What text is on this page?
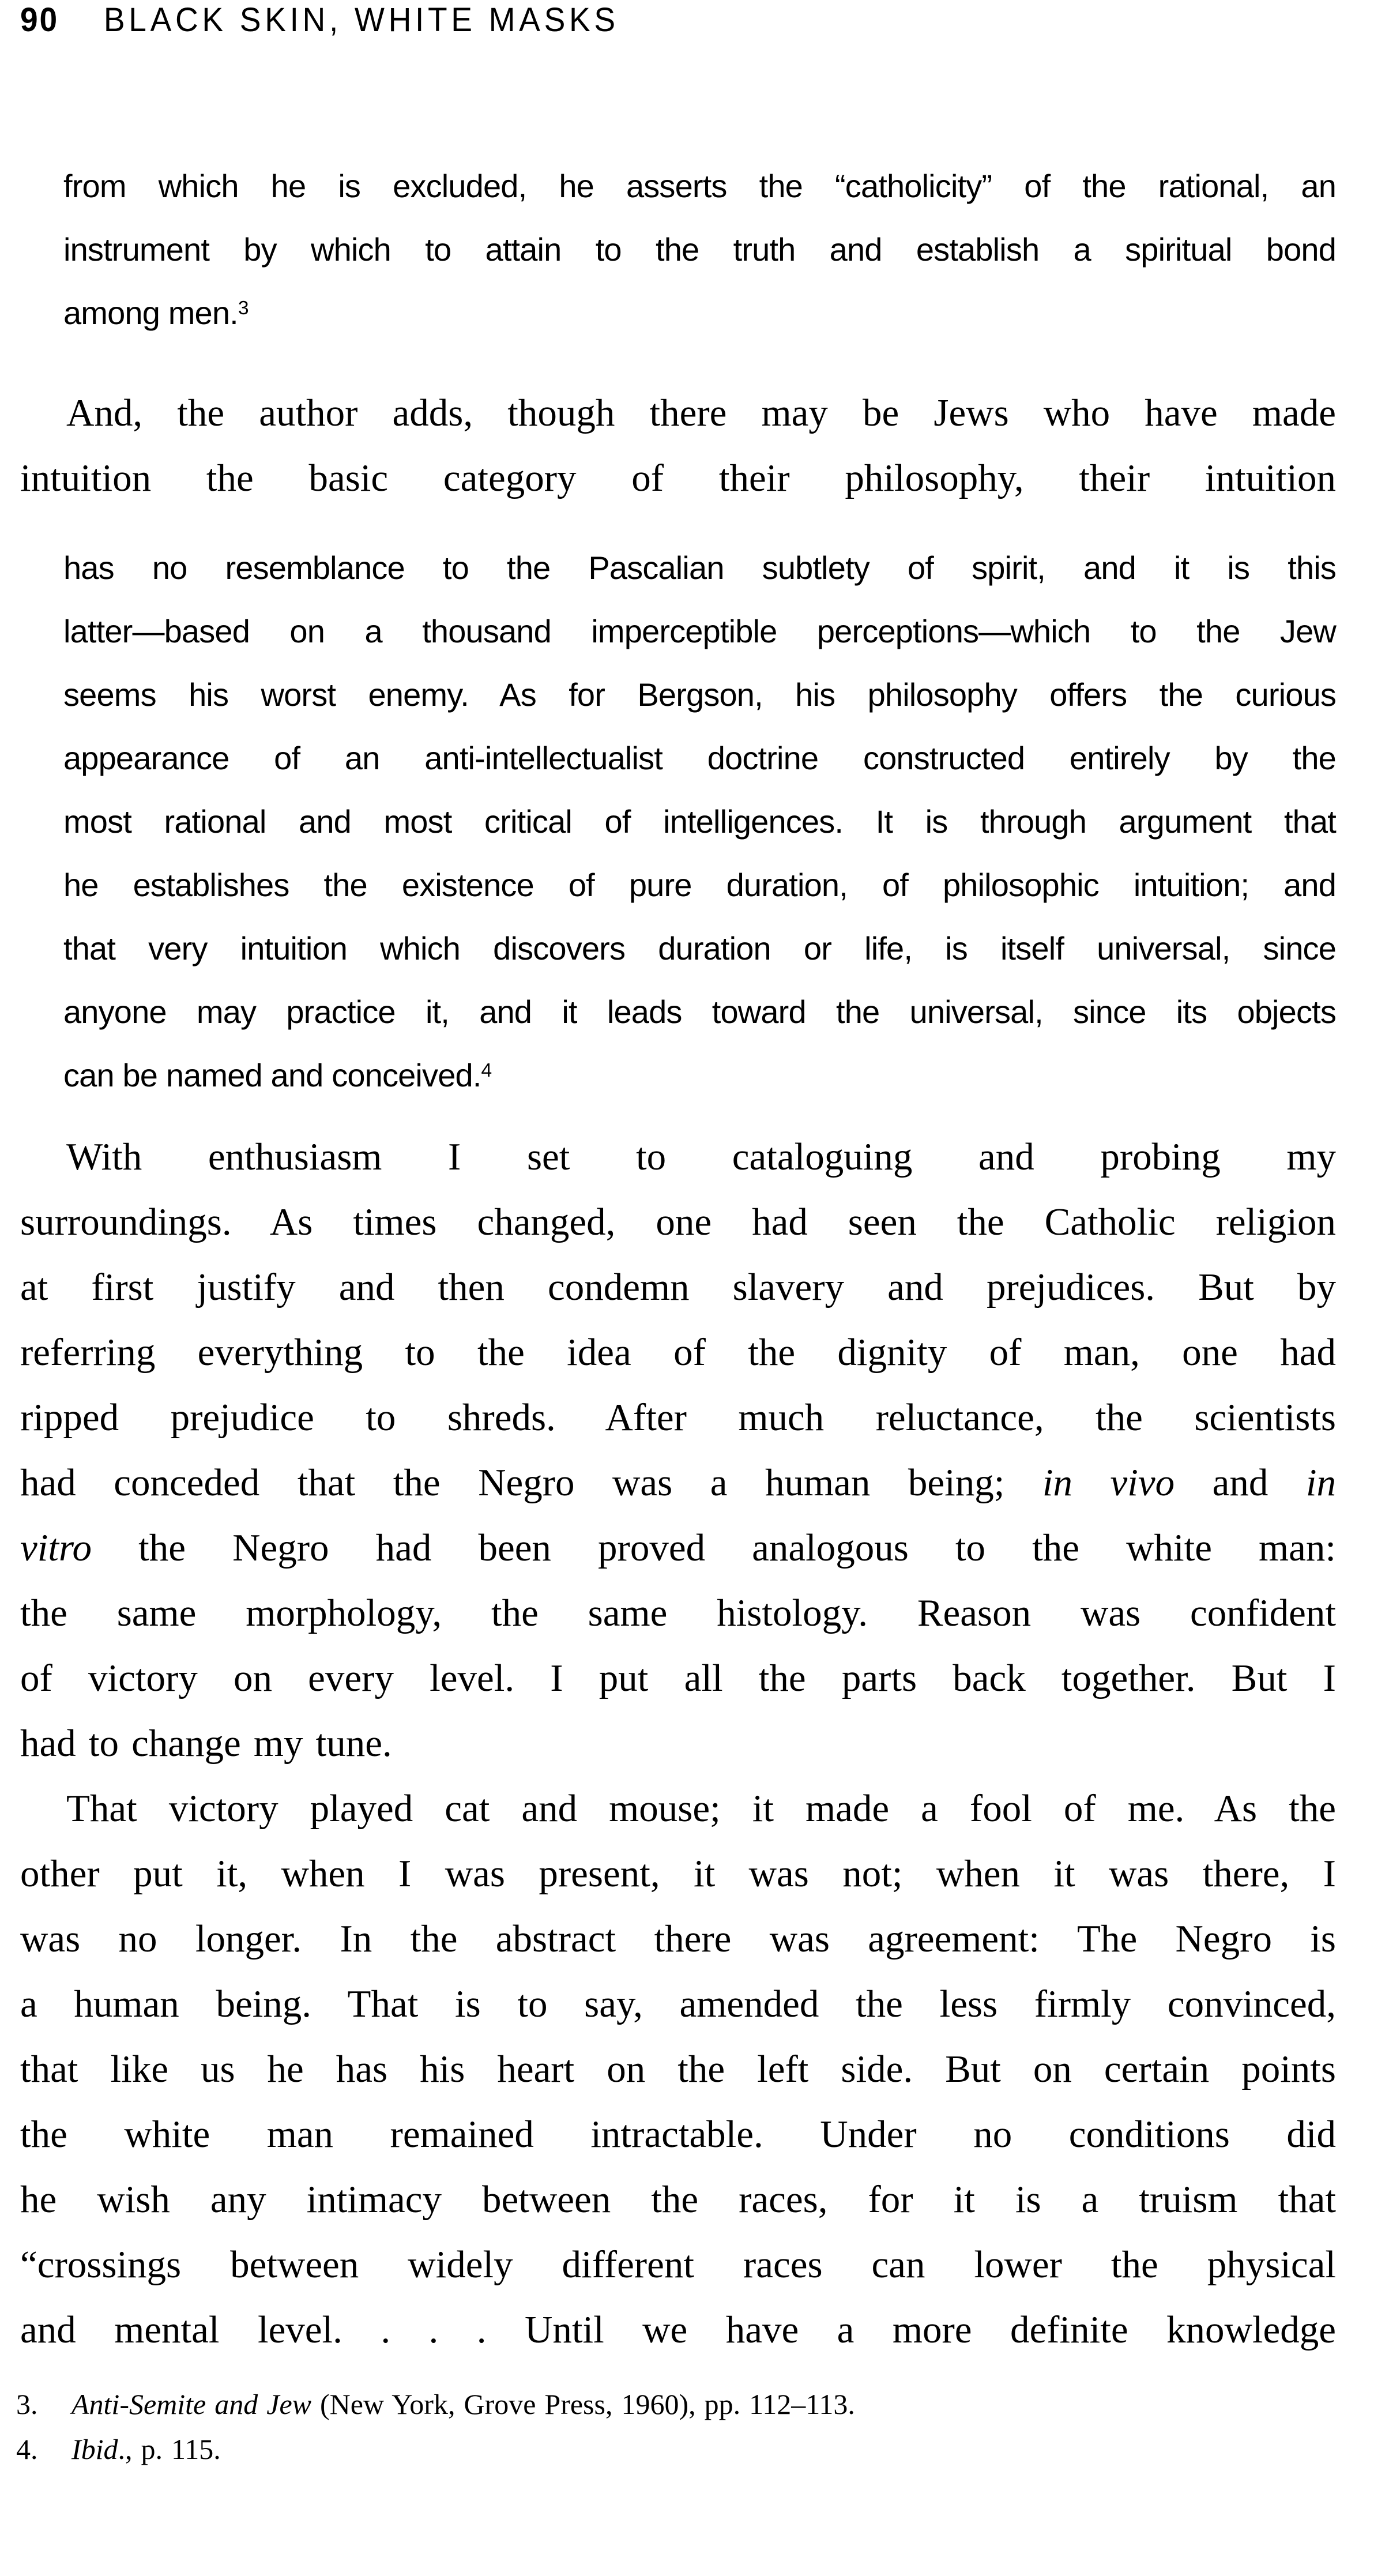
90 BLACK SKIN, WHITE MASKS
from which he is excluded, he asserts the “catholicity” of the rational, an
instrument by which to attain to the truth and establish a spiritual bond
among men.$^3$
And, the author adds, though there may be Jews who have made
intuition the basic category of their philosophy, their intuition
has no resemblance to the Pascalian subtlety of spirit, and it is this
latter—based on a thousand imperceptible perceptions—which to the Jew
seems his worst enemy. As for Bergson, his philosophy offers the curious
appearance of an anti-intellectualist doctrine constructed entirely by the
most rational and most critical of intelligences. It is through argument that
he establishes the existence of pure duration, of philosophic intuition; and
that very intuition which discovers duration or life, is itself universal, since
anyone may practice it, and it leads toward the universal, since its objects
can be named and conceived.$^4$
With enthusiasm I set to cataloguing and probing my
surroundings. As times changed, one had seen the Catholic religion
at first justify and then condemn slavery and prejudices. But by
referring everything to the idea of the dignity of man, one had
ripped prejudice to shreds. After much reluctance, the scientists
had conceded that the Negro was a human being; in vivo and in
vitro the Negro had been proved analogous to the white man:
the same morphology, the same histology. Reason was confident
of victory on every level. I put all the parts back together. But I
had to change my tune.
That victory played cat and mouse; it made a fool of me. As the
other put it, when I was present, it was not; when it was there, I
was no longer. In the abstract there was agreement: The Negro is
a human being. That is to say, amended the less firmly convinced,
that like us he has his heart on the left side. But on certain points
the white man remained intractable. Under no conditions did
he wish any intimacy between the races, for it is a truism that
“crossings between widely different races can lower the physical
and mental level. . . . Until we have a more definite knowledge
3. Anti-Semite and Jew (New York, Grove Press, 1960), pp. 112–113.
4. Ibid., p. 115.
